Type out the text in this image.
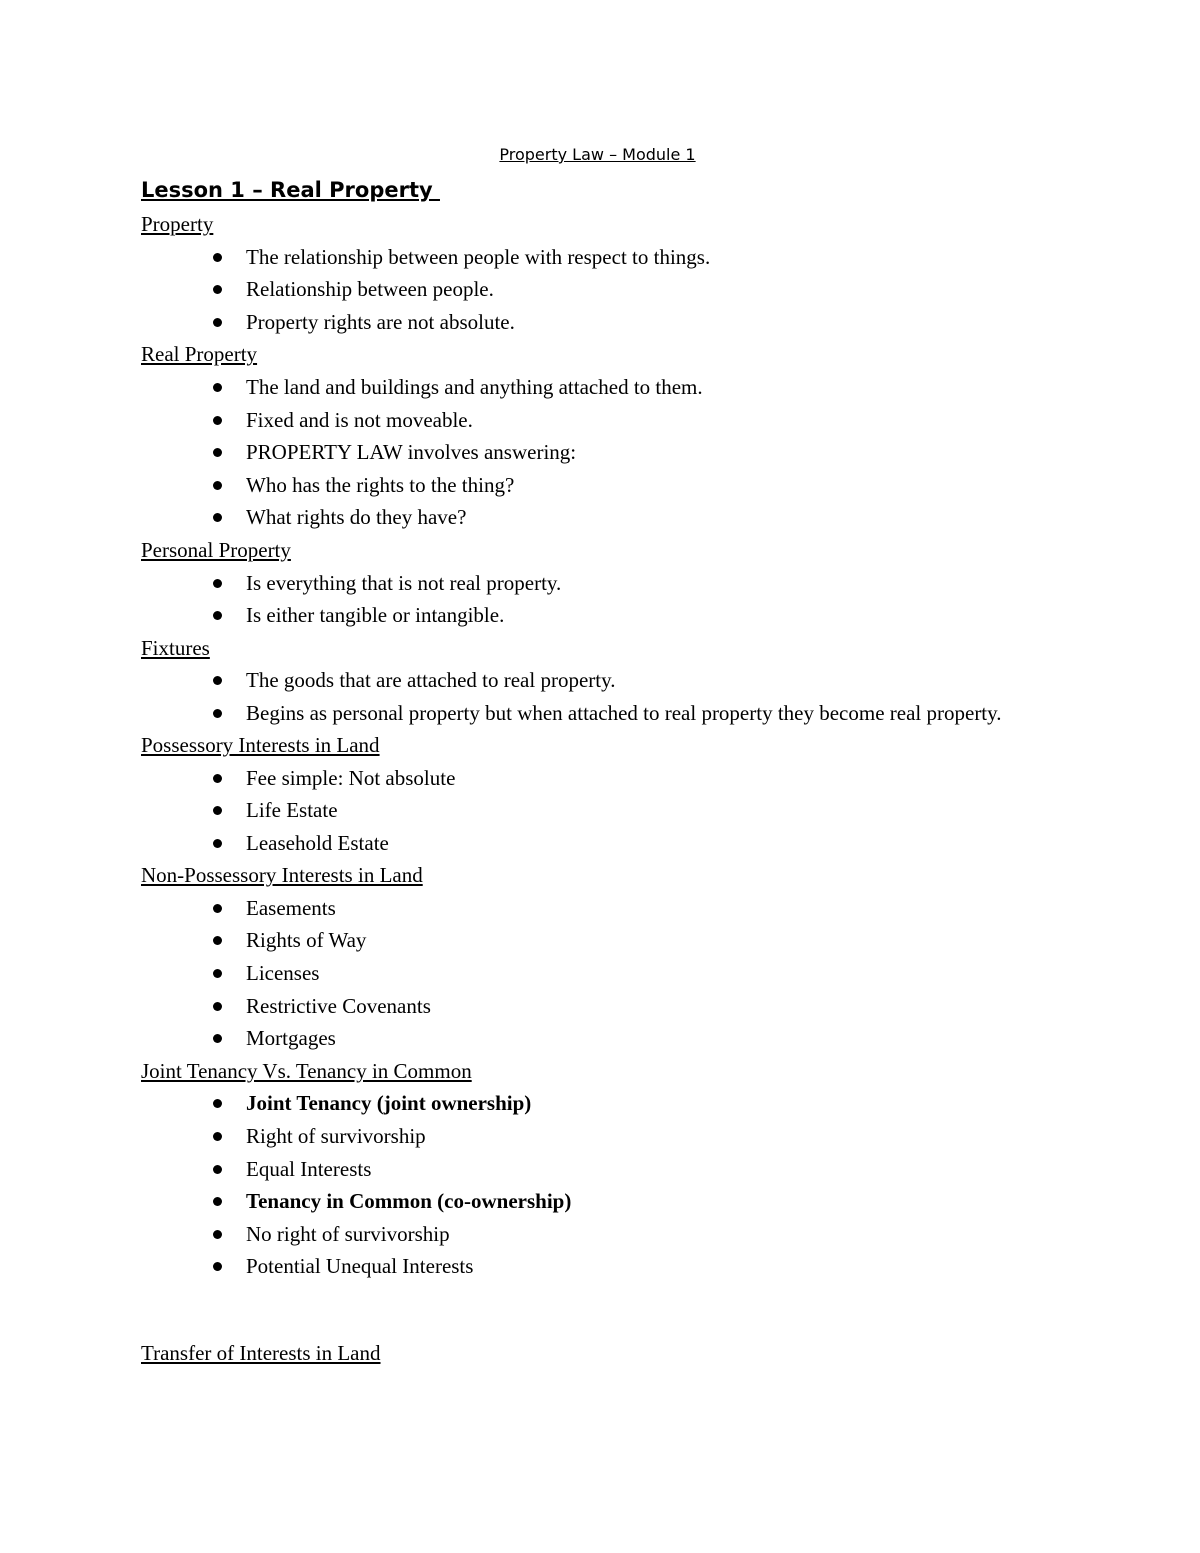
Property Law – Module 1
Lesson 1 – Real Property
Property
The relationship between people with respect to things.
Relationship between people.
Property rights are not absolute.
Real Property
The land and buildings and anything attached to them.
Fixed and is not moveable.
PROPERTY LAW involves answering:
Who has the rights to the thing?
What rights do they have?
Personal Property
Is everything that is not real property.
Is either tangible or intangible.
Fixtures
The goods that are attached to real property.
Begins as personal property but when attached to real property they become real property.
Possessory Interests in Land
Fee simple: Not absolute
Life Estate
Leasehold Estate
Non-Possessory Interests in Land
Easements
Rights of Way
Licenses
Restrictive Covenants
Mortgages
Joint Tenancy Vs. Tenancy in Common
Joint Tenancy (joint ownership)
Right of survivorship
Equal Interests
Tenancy in Common (co-ownership)
No right of survivorship
Potential Unequal Interests
Transfer of Interests in Land
